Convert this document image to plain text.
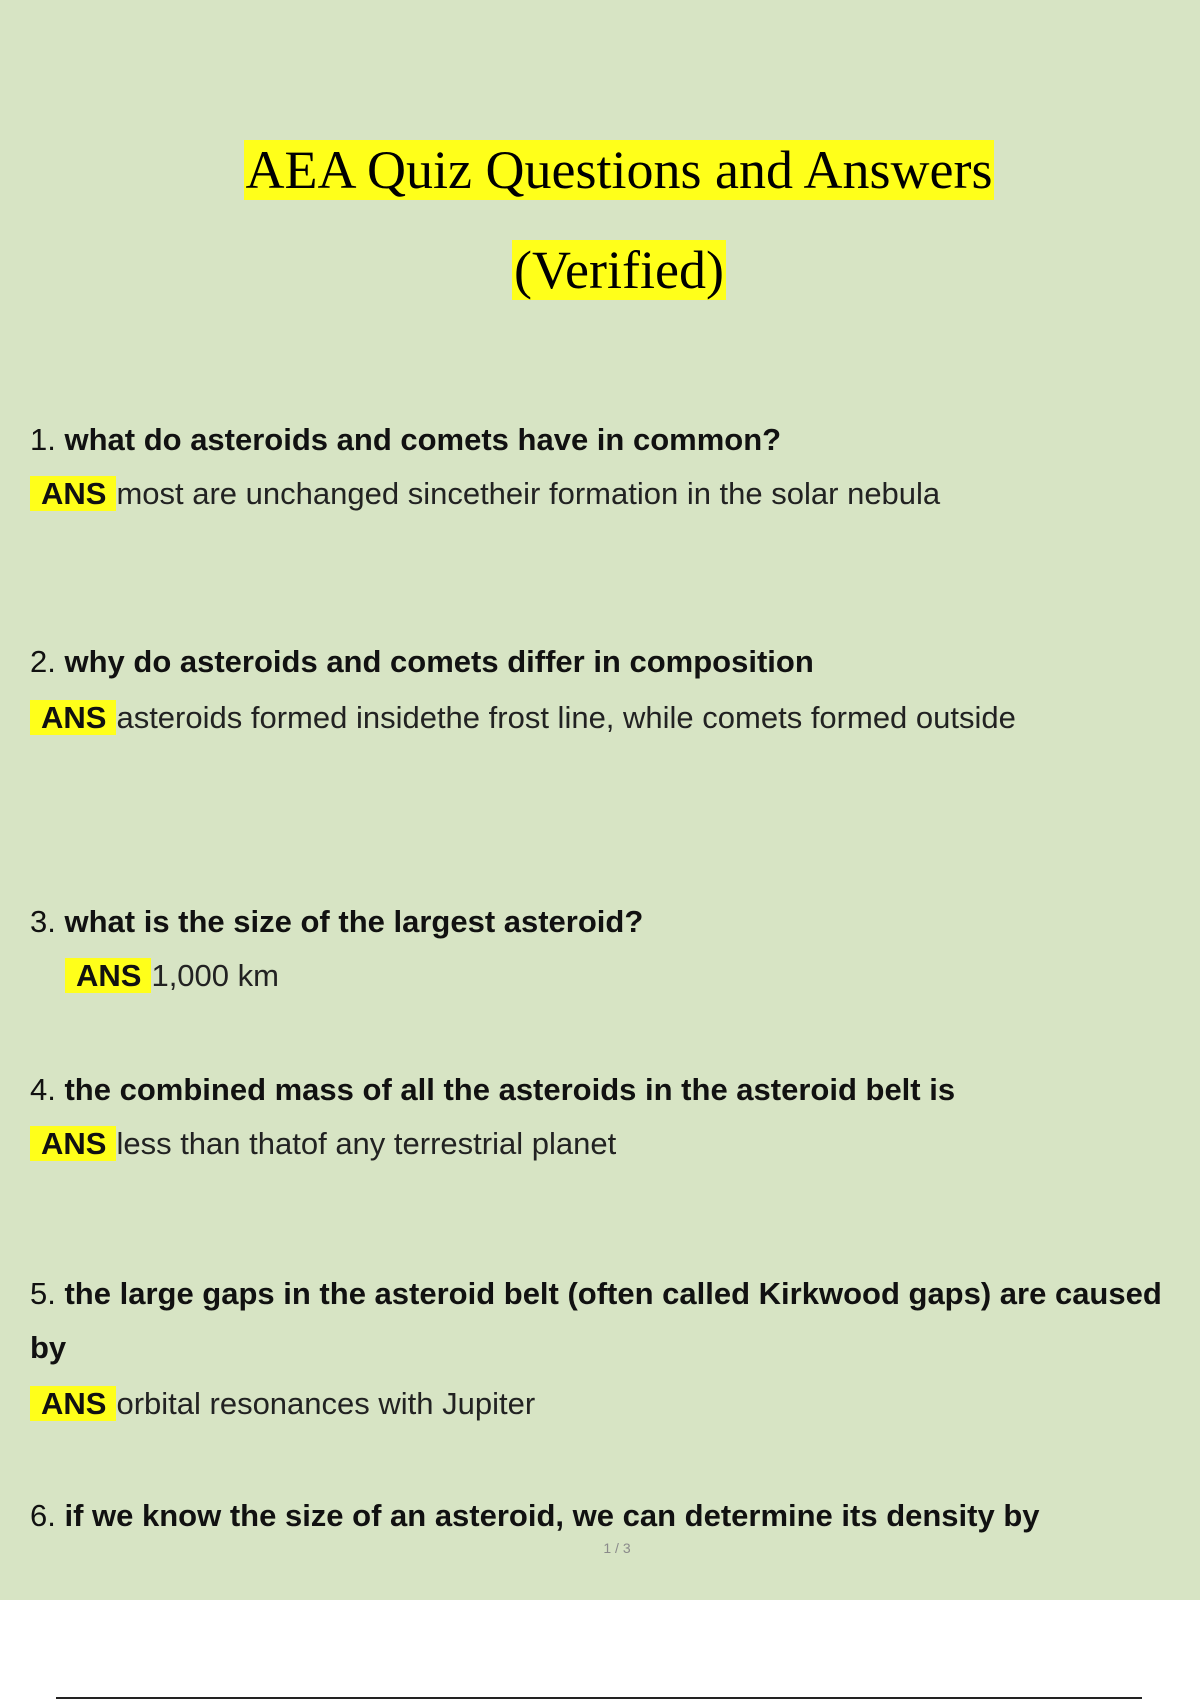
AEA Quiz Questions and Answers
(Verified)
1. what do asteroids and comets have in common?
ANS most are unchanged sincetheir formation in the solar nebula
2. why do asteroids and comets differ in composition
ANS asteroids formed insidethe frost line, while comets formed outside
3. what is the size of the largest asteroid?
ANS 1,000 km
4. the combined mass of all the asteroids in the asteroid belt is
ANS less than thatof any terrestrial planet
5. the large gaps in the asteroid belt (often called Kirkwood gaps) are caused
by
ANS orbital resonances with Jupiter
6. if we know the size of an asteroid, we can determine its density by
1 / 3
